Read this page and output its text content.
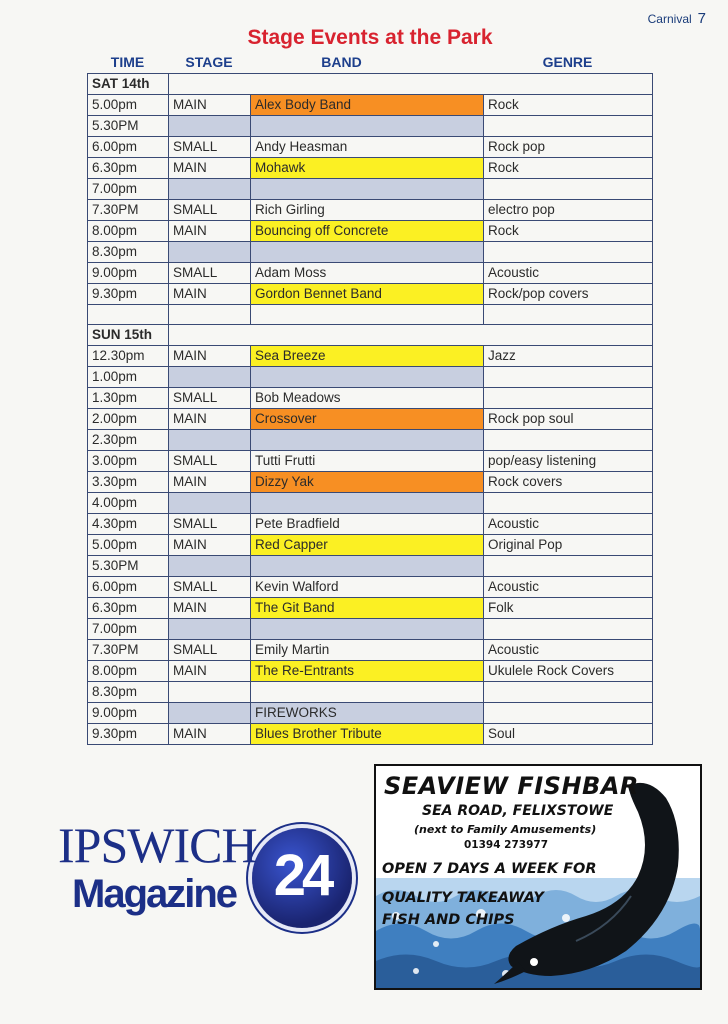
Carnival 7
Stage Events at the Park
TIME	STAGE	BAND	GENRE
SAT 14th			
5.00pm	MAIN	Alex Body Band	Rock
5.30PM			
6.00pm	SMALL	Andy Heasman	Rock pop
6.30pm	MAIN	Mohawk	Rock
7.00pm			
7.30PM	SMALL	Rich Girling	electro pop
8.00pm	MAIN	Bouncing off Concrete	Rock
8.30pm			
9.00pm	SMALL	Adam Moss	Acoustic
9.30pm	MAIN	Gordon Bennet Band	Rock/pop covers

SUN 15th			
12.30pm	MAIN	Sea Breeze	Jazz
1.00pm			
1.30pm	SMALL	Bob Meadows	
2.00pm	MAIN	Crossover	Rock pop soul
2.30pm			
3.00pm	SMALL	Tutti Frutti	pop/easy listening
3.30pm	MAIN	Dizzy Yak	Rock covers
4.00pm			
4.30pm	SMALL	Pete Bradfield	Acoustic
5.00pm	MAIN	Red Capper	Original Pop
5.30PM			
6.00pm	SMALL	Kevin Walford	Acoustic
6.30pm	MAIN	The Git Band	Folk
7.00pm			
7.30PM	SMALL	Emily Martin	Acoustic
8.00pm	MAIN	The Re-Entrants	Ukulele Rock Covers
8.30pm			
9.00pm		FIREWORKS	
9.30pm	MAIN	Blues Brother Tribute	Soul
24
IPSWICH
Magazine
SEAVIEW FISHBAR
SEA ROAD, FELIXSTOWE
(next to Family Amusements)
01394 273977
OPEN 7 DAYS A WEEK FOR
QUALITY TAKEAWAY
FISH AND CHIPS
